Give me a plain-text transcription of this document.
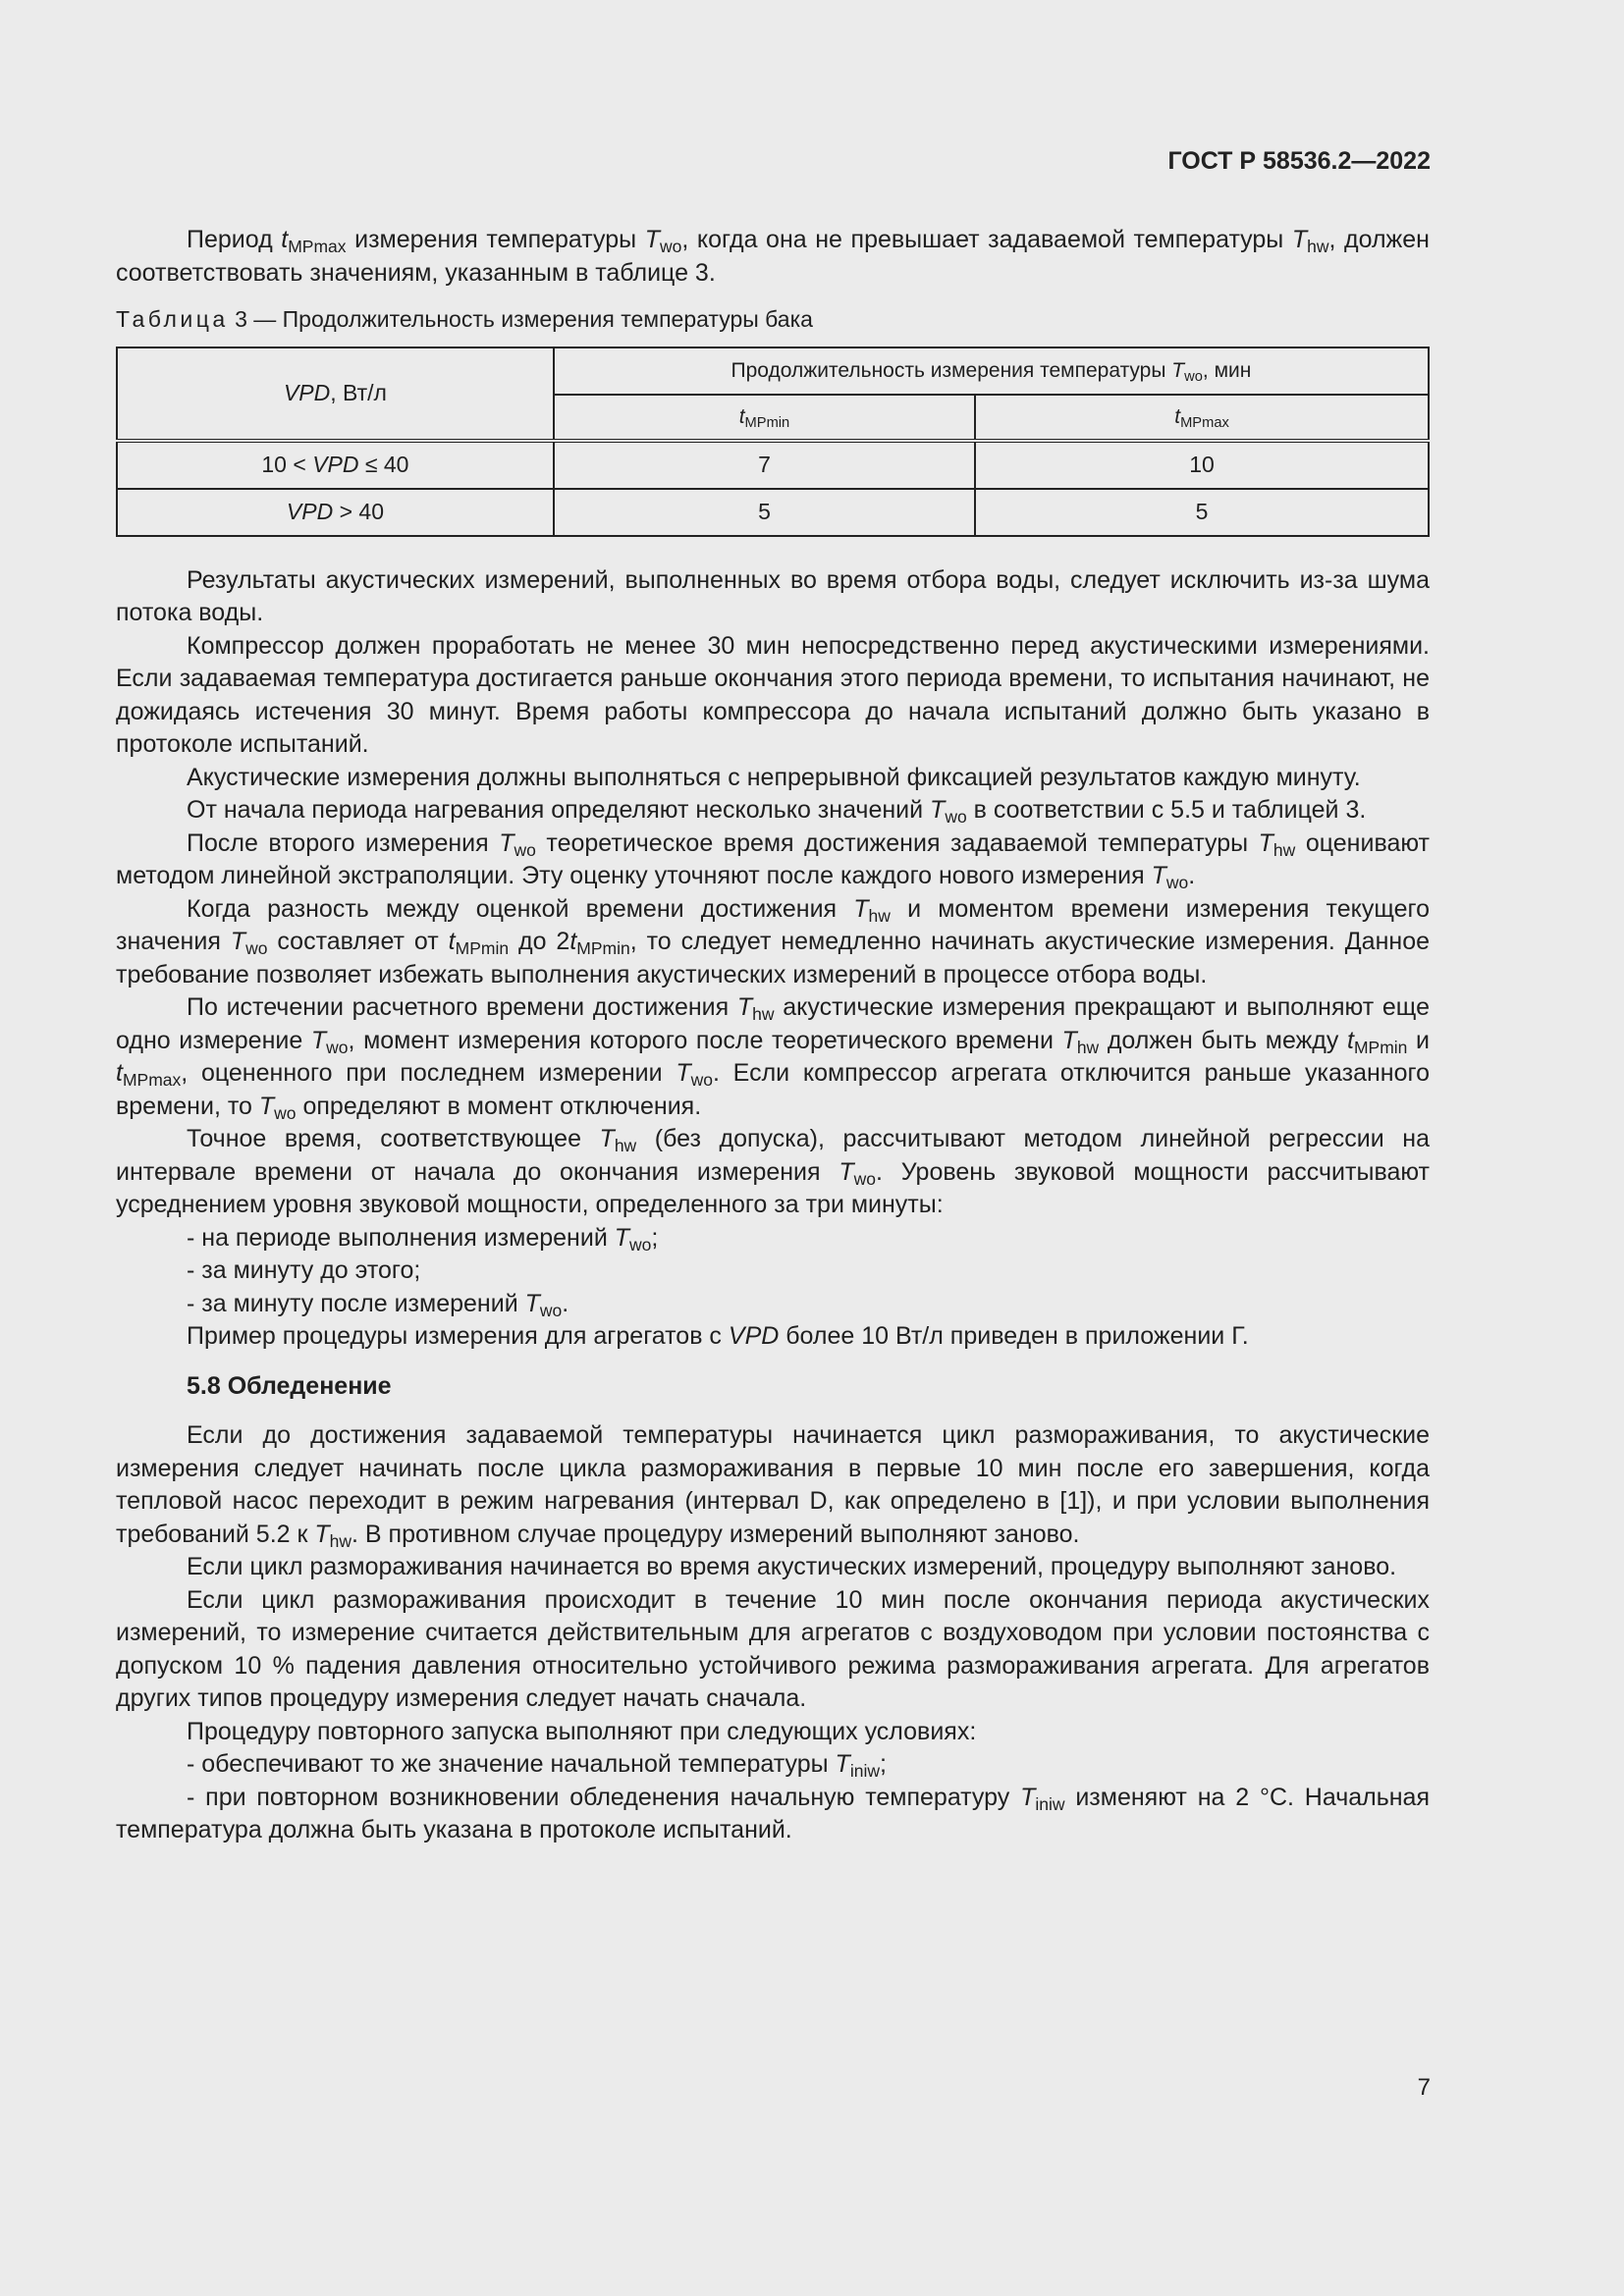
ГОСТ Р 58536.2—2022

Период $t_{MPmax}$ измерения температуры $T_{wo}$, когда она не превышает задаваемой температуры $T_{hw}$, должен соответствовать значениям, указанным в таблице 3.

Таблица 3 — Продолжительность измерения температуры бака
VPD, Вт/л	Продолжительность измерения температуры $T_{wo}$, мин	
	$t_{MPmin}$	$t_{MPmax}$
10 < VPD ≤ 40	7	10
VPD > 40	5	5

Результаты акустических измерений, выполненных во время отбора воды, следует исключить из-за шума потока воды.

Компрессор должен проработать не менее 30 мин непосредственно перед акустическими измерениями. Если задаваемая температура достигается раньше окончания этого периода времени, то испытания начинают, не дожидаясь истечения 30 минут. Время работы компрессора до начала испытаний должно быть указано в протоколе испытаний.

Акустические измерения должны выполняться с непрерывной фиксацией результатов каждую минуту.

От начала периода нагревания определяют несколько значений $T_{wo}$ в соответствии с 5.5 и таблицей 3.

После второго измерения $T_{wo}$ теоретическое время достижения задаваемой температуры $T_{hw}$ оценивают методом линейной экстраполяции. Эту оценку уточняют после каждого нового измерения $T_{wo}$.

Когда разность между оценкой времени достижения $T_{hw}$ и моментом времени измерения текущего значения $T_{wo}$ составляет от $t_{MPmin}$ до $2t_{MPmin}$, то следует немедленно начинать акустические измерения. Данное требование позволяет избежать выполнения акустических измерений в процессе отбора воды.

По истечении расчетного времени достижения $T_{hw}$ акустические измерения прекращают и выполняют еще одно измерение $T_{wo}$, момент измерения которого после теоретического времени $T_{hw}$ должен быть между $t_{MPmin}$ и $t_{MPmax}$, оцененного при последнем измерении $T_{wo}$. Если компрессор агрегата отключится раньше указанного времени, то $T_{wo}$ определяют в момент отключения.

Точное время, соответствующее $T_{hw}$ (без допуска), рассчитывают методом линейной регрессии на интервале времени от начала до окончания измерения $T_{wo}$. Уровень звуковой мощности рассчитывают усреднением уровня звуковой мощности, определенного за три минуты:

- на периоде выполнения измерений $T_{wo}$;

- за минуту до этого;

- за минуту после измерений $T_{wo}$.

Пример процедуры измерения для агрегатов с VPD более 10 Вт/л приведен в приложении Г.

5.8 Обледенение

Если до достижения задаваемой температуры начинается цикл размораживания, то акустические измерения следует начинать после цикла размораживания в первые 10 мин после его завершения, когда тепловой насос переходит в режим нагревания (интервал D, как определено в [1]), и при условии выполнения требований 5.2 к $T_{hw}$. В противном случае процедуру измерений выполняют заново.

Если цикл размораживания начинается во время акустических измерений, процедуру выполняют заново.

Если цикл размораживания происходит в течение 10 мин после окончания периода акустических измерений, то измерение считается действительным для агрегатов с воздуховодом при условии постоянства с допуском 10 % падения давления относительно устойчивого режима размораживания агрегата. Для агрегатов других типов процедуру измерения следует начать сначала.

Процедуру повторного запуска выполняют при следующих условиях:

- обеспечивают то же значение начальной температуры $T_{iniw}$;

- при повторном возникновении обледенения начальную температуру $T_{iniw}$ изменяют на 2 °С. Начальная температура должна быть указана в протоколе испытаний.

7
